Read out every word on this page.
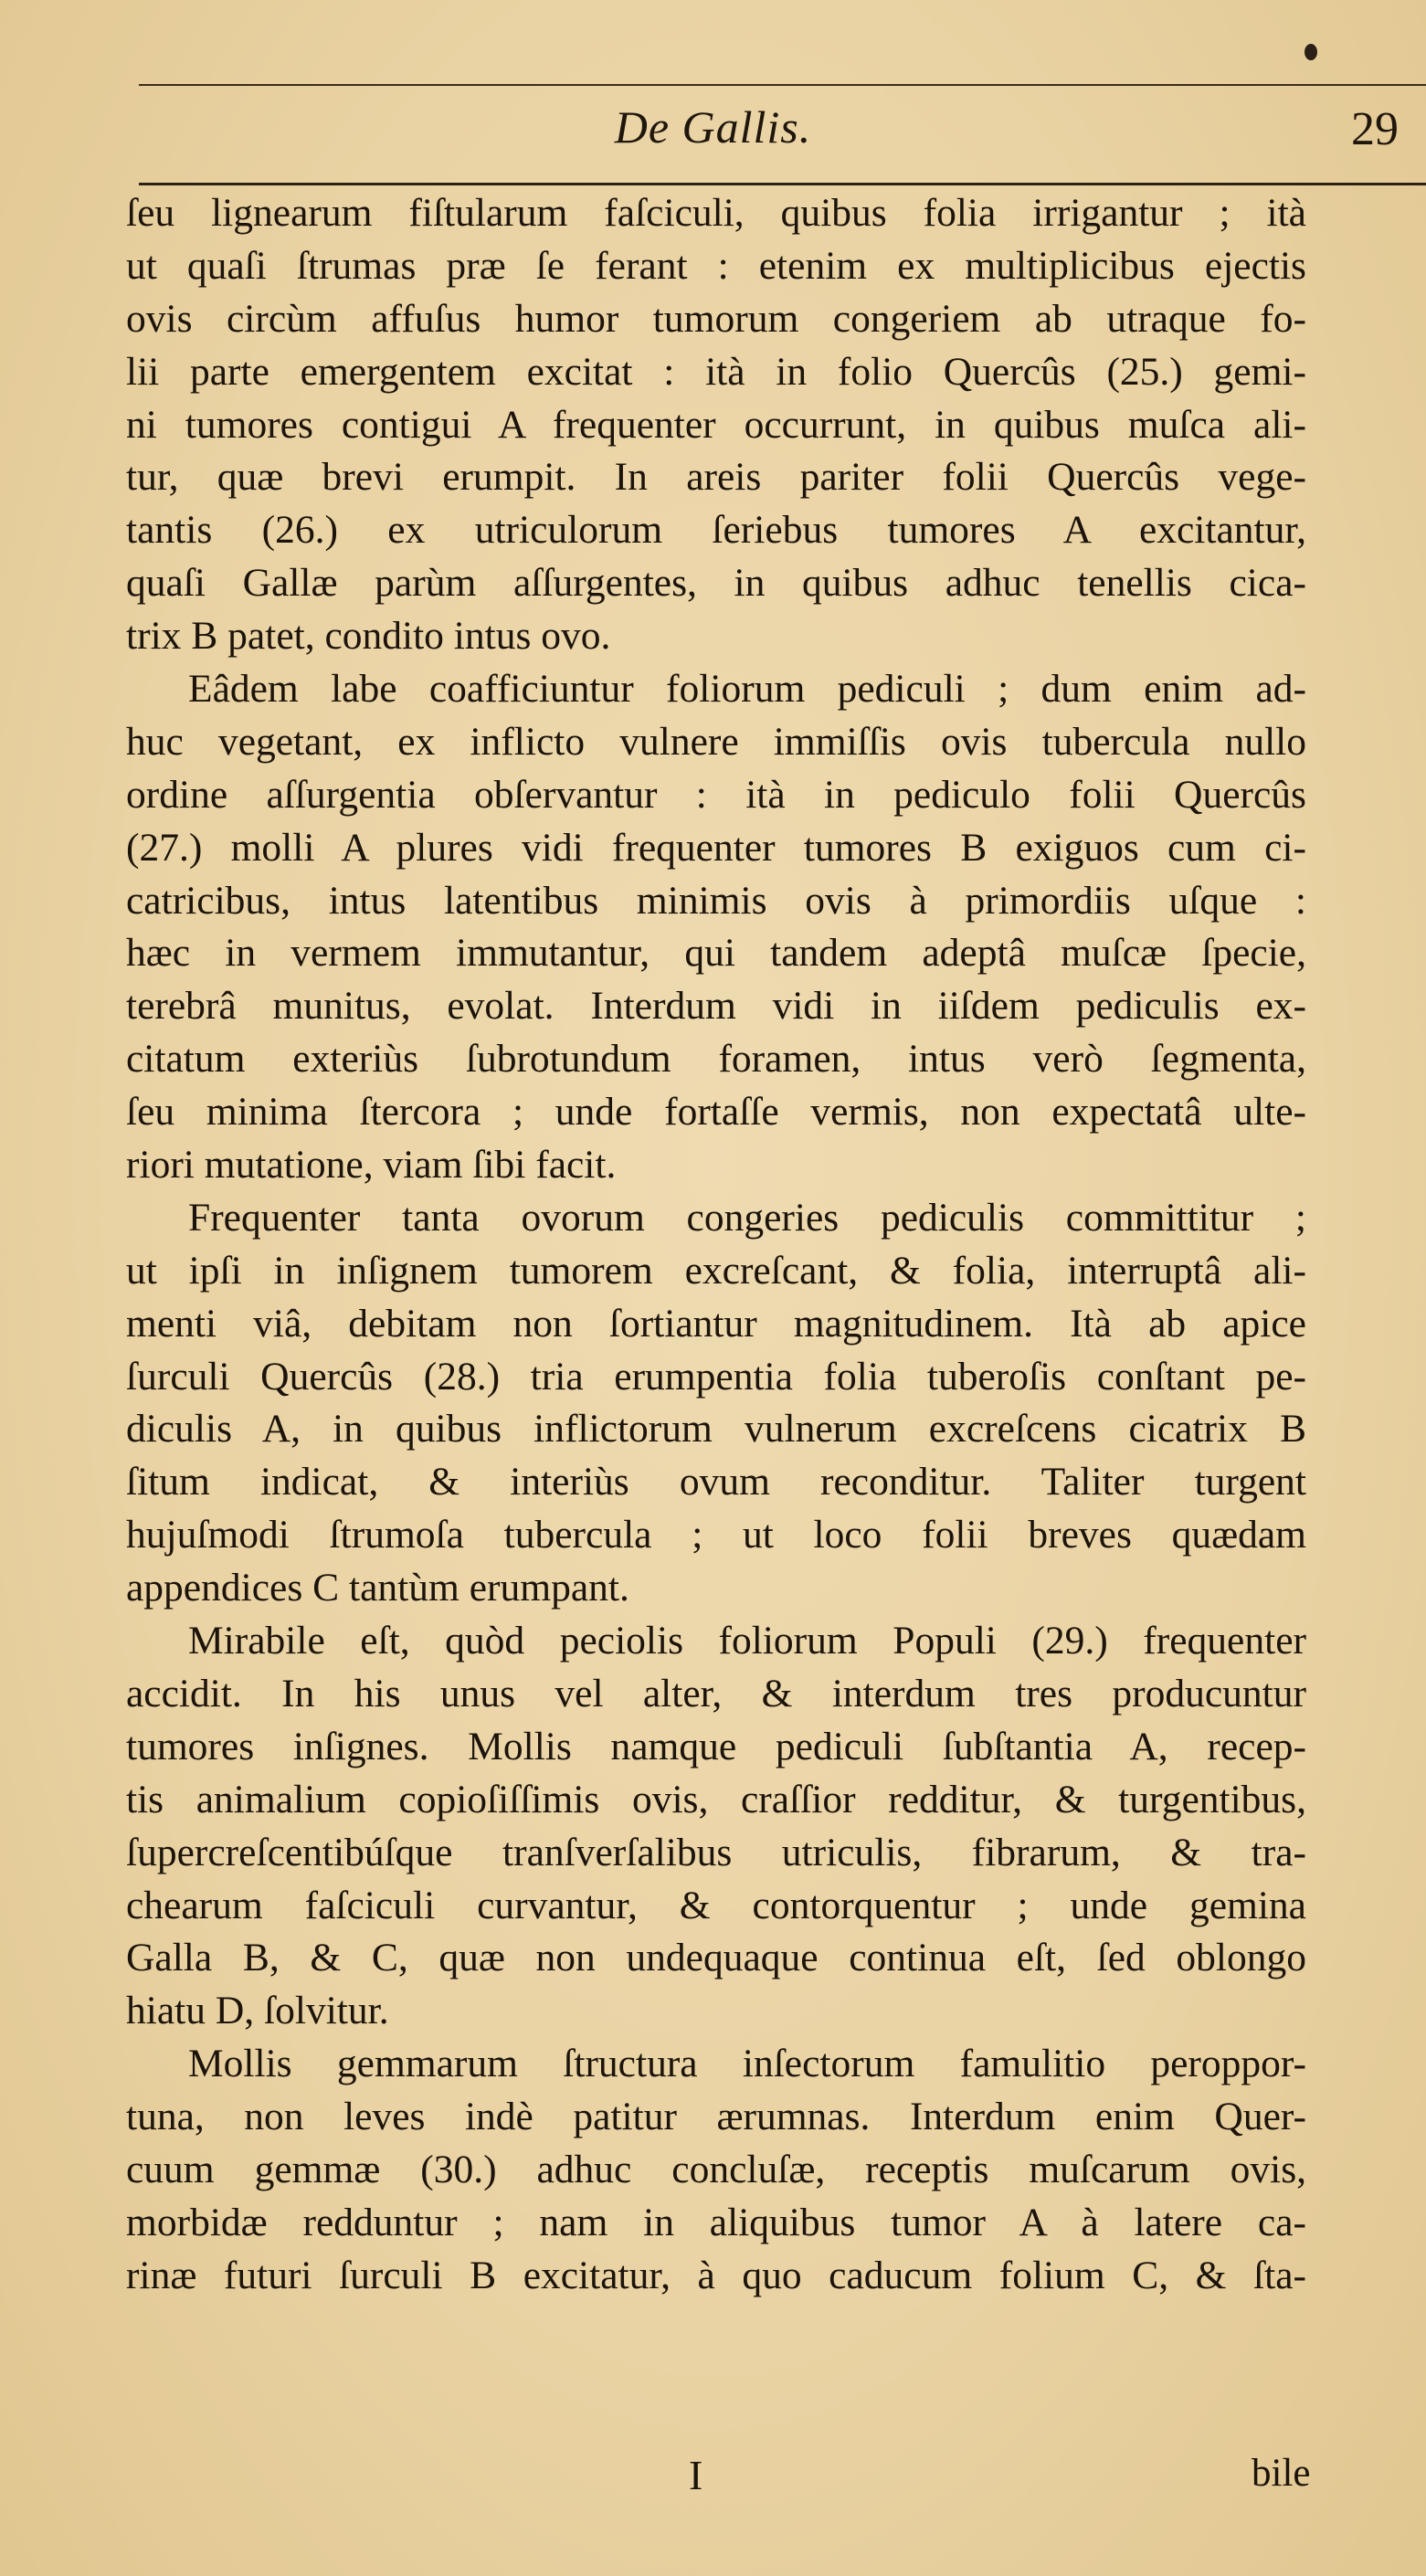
De Gallis.	29
ſeu lignearum fiſtularum faſciculi, quibus folia irrigantur ; ità
ut quaſi ſtrumas præ ſe ferant : etenim ex multiplicibus ejectis
ovis circùm affuſus humor tumorum congeriem ab utraque fo-
lii parte emergentem excitat : ità in folio Quercûs (25.) gemi-
ni tumores contigui A frequenter occurrunt, in quibus muſca ali-
tur, quæ brevi erumpit. In areis pariter folii Quercûs vege-
tantis (26.) ex utriculorum ſeriebus tumores A excitantur,
quaſi Gallæ parùm aſſurgentes, in quibus adhuc tenellis cica-
trix B patet, condito intus ovo.
Eâdem labe coafficiuntur foliorum pediculi ; dum enim ad-
huc vegetant, ex inflicto vulnere immiſſis ovis tubercula nullo
ordine aſſurgentia obſervantur : ità in pediculo folii Quercûs
(27.) molli A plures vidi frequenter tumores B exiguos cum ci-
catricibus, intus latentibus minimis ovis à primordiis uſque :
hæc in vermem immutantur, qui tandem adeptâ muſcæ ſpecie,
terebrâ munitus, evolat. Interdum vidi in iiſdem pediculis ex-
citatum exteriùs ſubrotundum foramen, intus verò ſegmenta,
ſeu minima ſtercora ; unde fortaſſe vermis, non expectatâ ulte-
riori mutatione, viam ſibi facit.
Frequenter tanta ovorum congeries pediculis committitur ;
ut ipſi in inſignem tumorem excreſcant, & folia, interruptâ ali-
menti viâ, debitam non ſortiantur magnitudinem. Ità ab apice
ſurculi Quercûs (28.) tria erumpentia folia tuberoſis conſtant pe-
diculis A, in quibus inflictorum vulnerum excreſcens cicatrix B
ſitum indicat, & interiùs ovum reconditur. Taliter turgent
hujuſmodi ſtrumoſa tubercula ; ut loco folii breves quædam
appendices C tantùm erumpant.
Mirabile eſt, quòd peciolis foliorum Populi (29.) frequenter
accidit. In his unus vel alter, & interdum tres producuntur
tumores inſignes. Mollis namque pediculi ſubſtantia A, recep-
tis animalium copioſiſſimis ovis, craſſior redditur, & turgentibus,
ſupercreſcentibúſque tranſverſalibus utriculis, fibrarum, & tra-
chearum faſciculi curvantur, & contorquentur ; unde gemina
Galla B, & C, quæ non undequaque continua eſt, ſed oblongo
hiatu D, ſolvitur.
Mollis gemmarum ſtructura inſectorum famulitio peroppor-
tuna, non leves indè patitur ærumnas. Interdum enim Quer-
cuum gemmæ (30.) adhuc concluſæ, receptis muſcarum ovis,
morbidæ redduntur ; nam in aliquibus tumor A à latere ca-
rinæ futuri ſurculi B excitatur, à quo caducum folium C, & ſta-
I	bile
